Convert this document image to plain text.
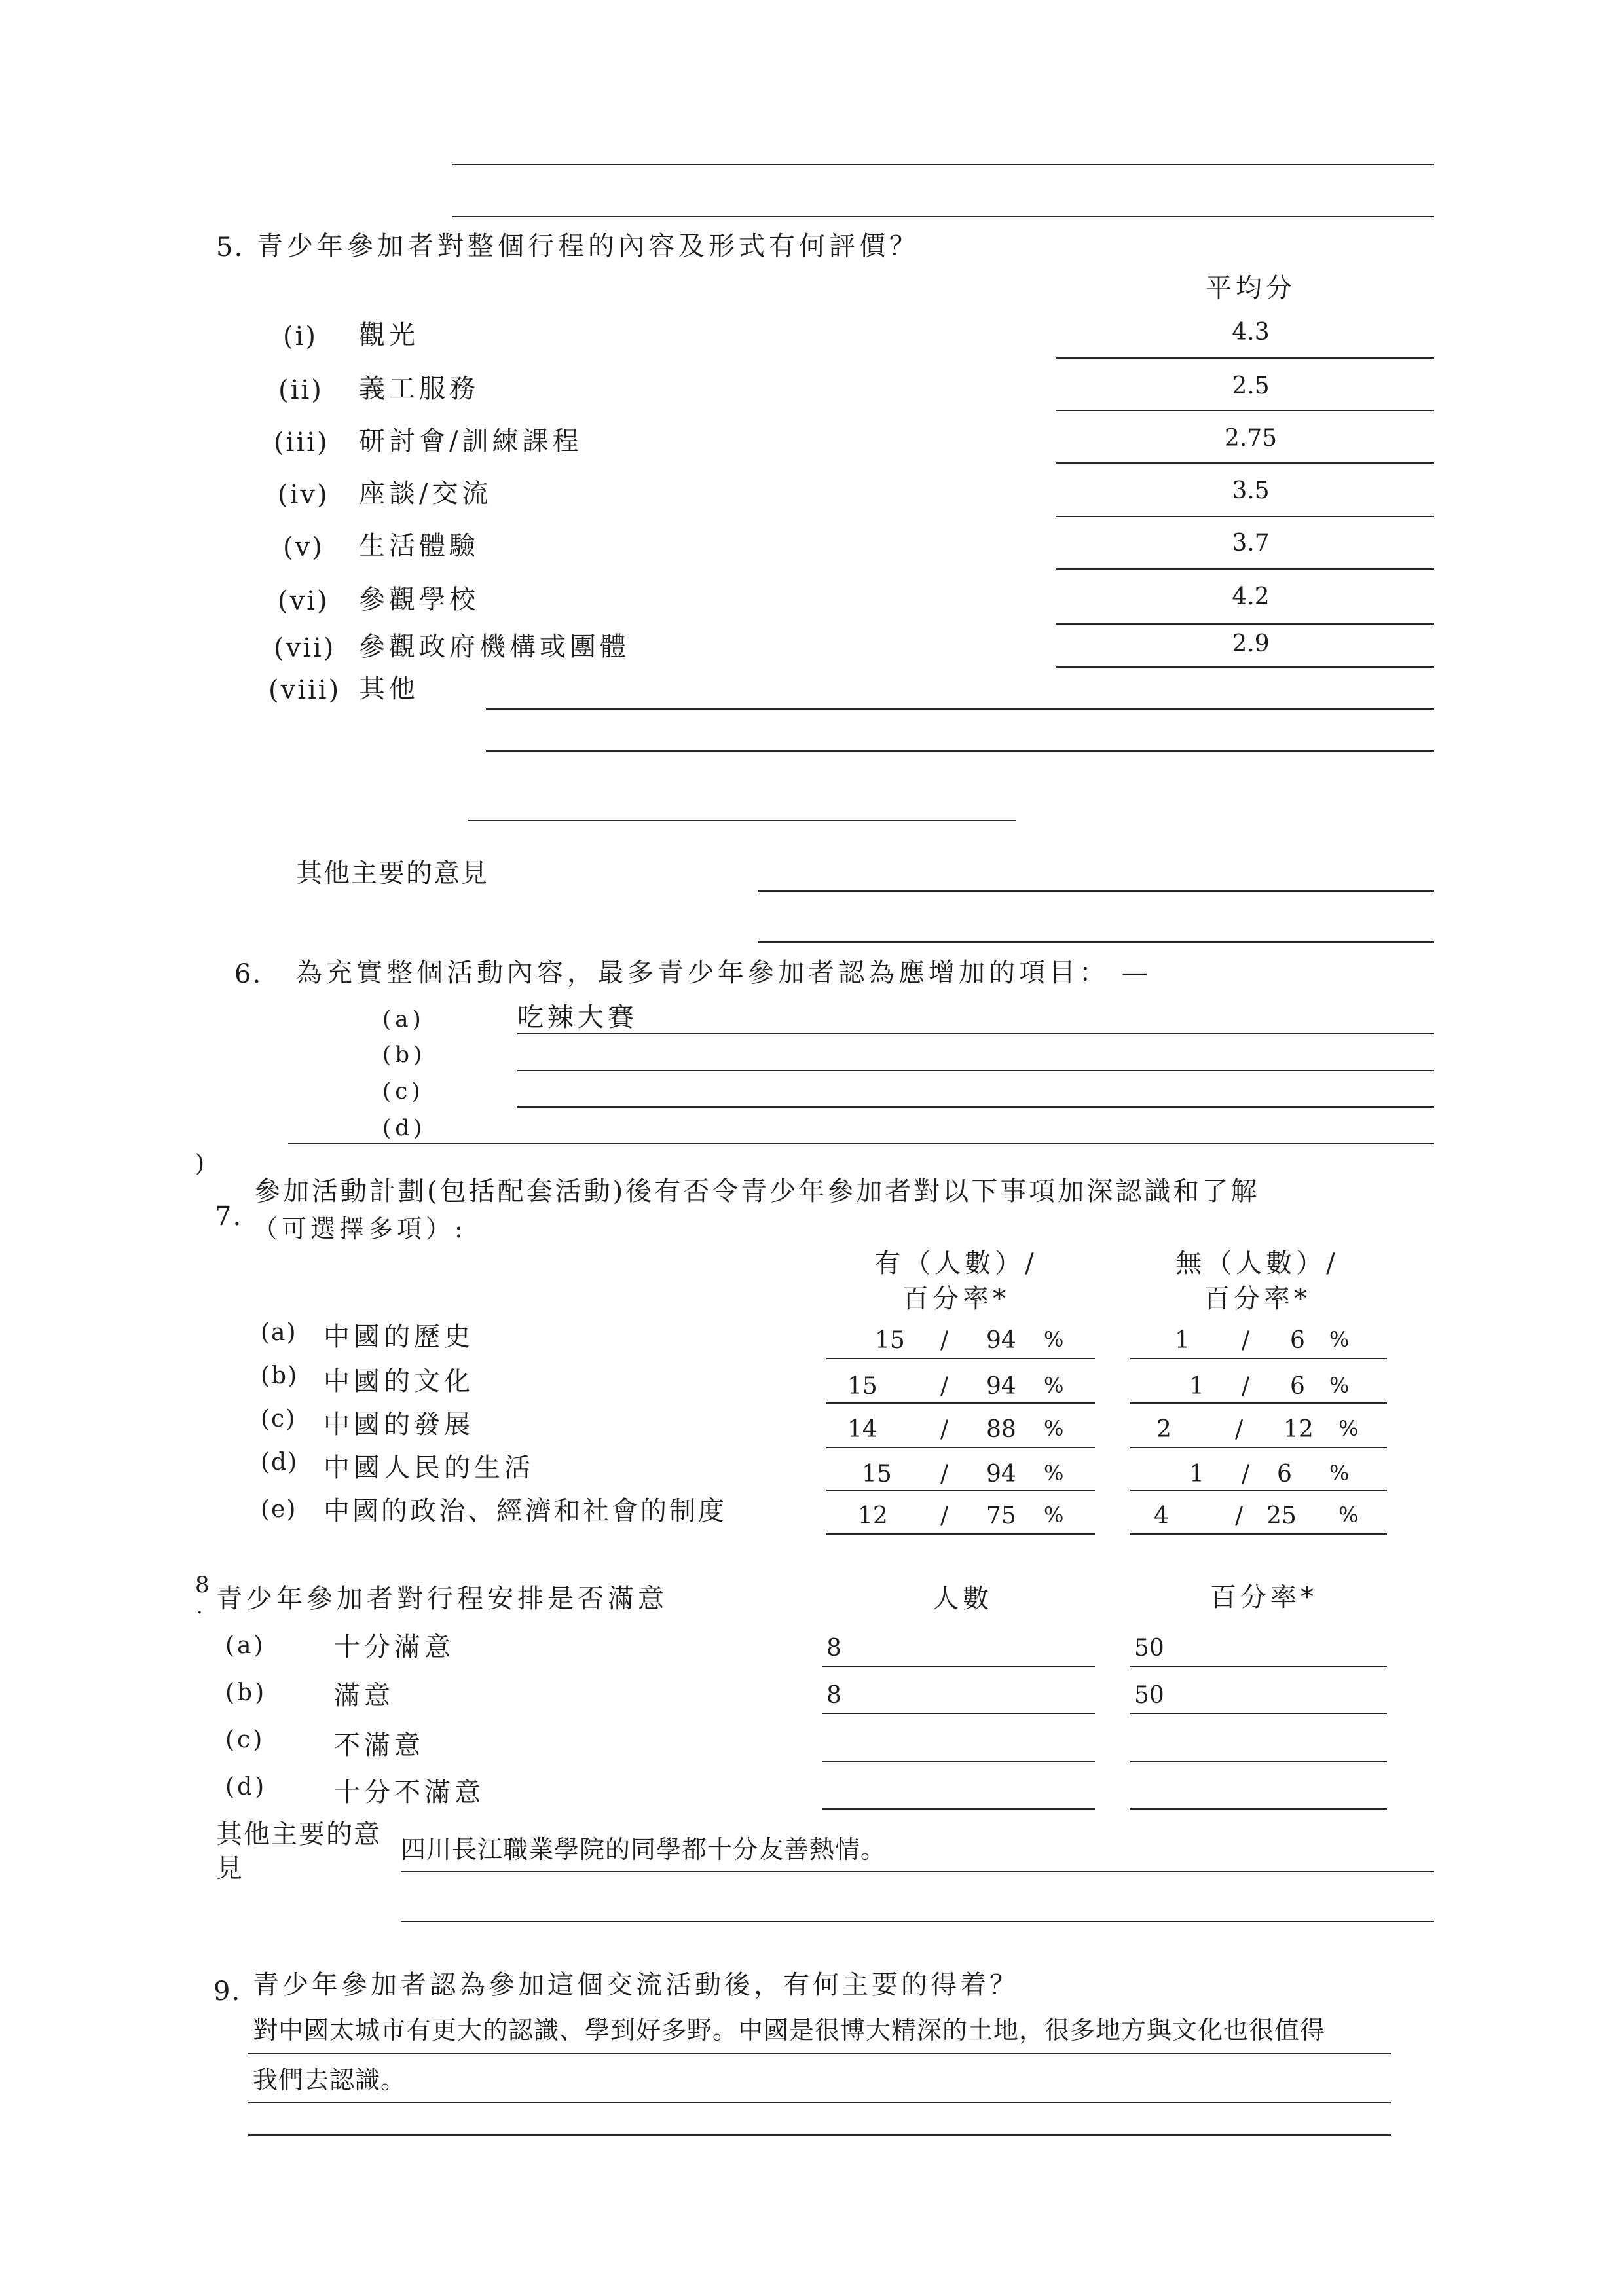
5. 青少年參加者對整個行程的內容及形式有何評價？
平均分
(i) 觀光	4.3
(ii) 義工服務	2.5
(iii) 研討會/訓練課程	2.75
(iv) 座談/交流	3.5
(v) 生活體驗	3.7
(vi) 參觀學校	4.2
(vii) 參觀政府機構或團體	2.9
(viii) 其他
其他主要的意見
6. 為充實整個活動內容，最多青少年參加者認為應增加的項目： —
(a)	吃辣大賽
(b)
(c)
(d)
)
7.
參加活動計劃(包括配套活動)後有否令青少年參加者對以下事項加深認識和了解
（可選擇多項）:
有（人數）/
百分率*
無（人數）/
百分率*
(a) 中國的歷史	15 / 94 %	1 / 6 %
(b) 中國的文化	15	/ 94 %	1 / 6 %
(c) 中國的發展	14	/ 88 %	2	/ 12 %
(d) 中國人民的生活	15 / 94 %	1 / 6 %
(e) 中國的政治、經濟和社會的制度	12 / 75 %	4	/ 25 %
8
. 青少年參加者對行程安排是否滿意	人數	百分率*
(a)	十分滿意	8	50
(b)	滿意	8	50
(c)	不滿意
(d)	十分不滿意
其他主要的意
見
四川長江職業學院的同學都十分友善熱情。
9. 青少年參加者認為參加這個交流活動後，有何主要的得着？
對中國太城市有更大的認識、學到好多野。中國是很博大精深的土地，很多地方與文化也很值得
我們去認識。
